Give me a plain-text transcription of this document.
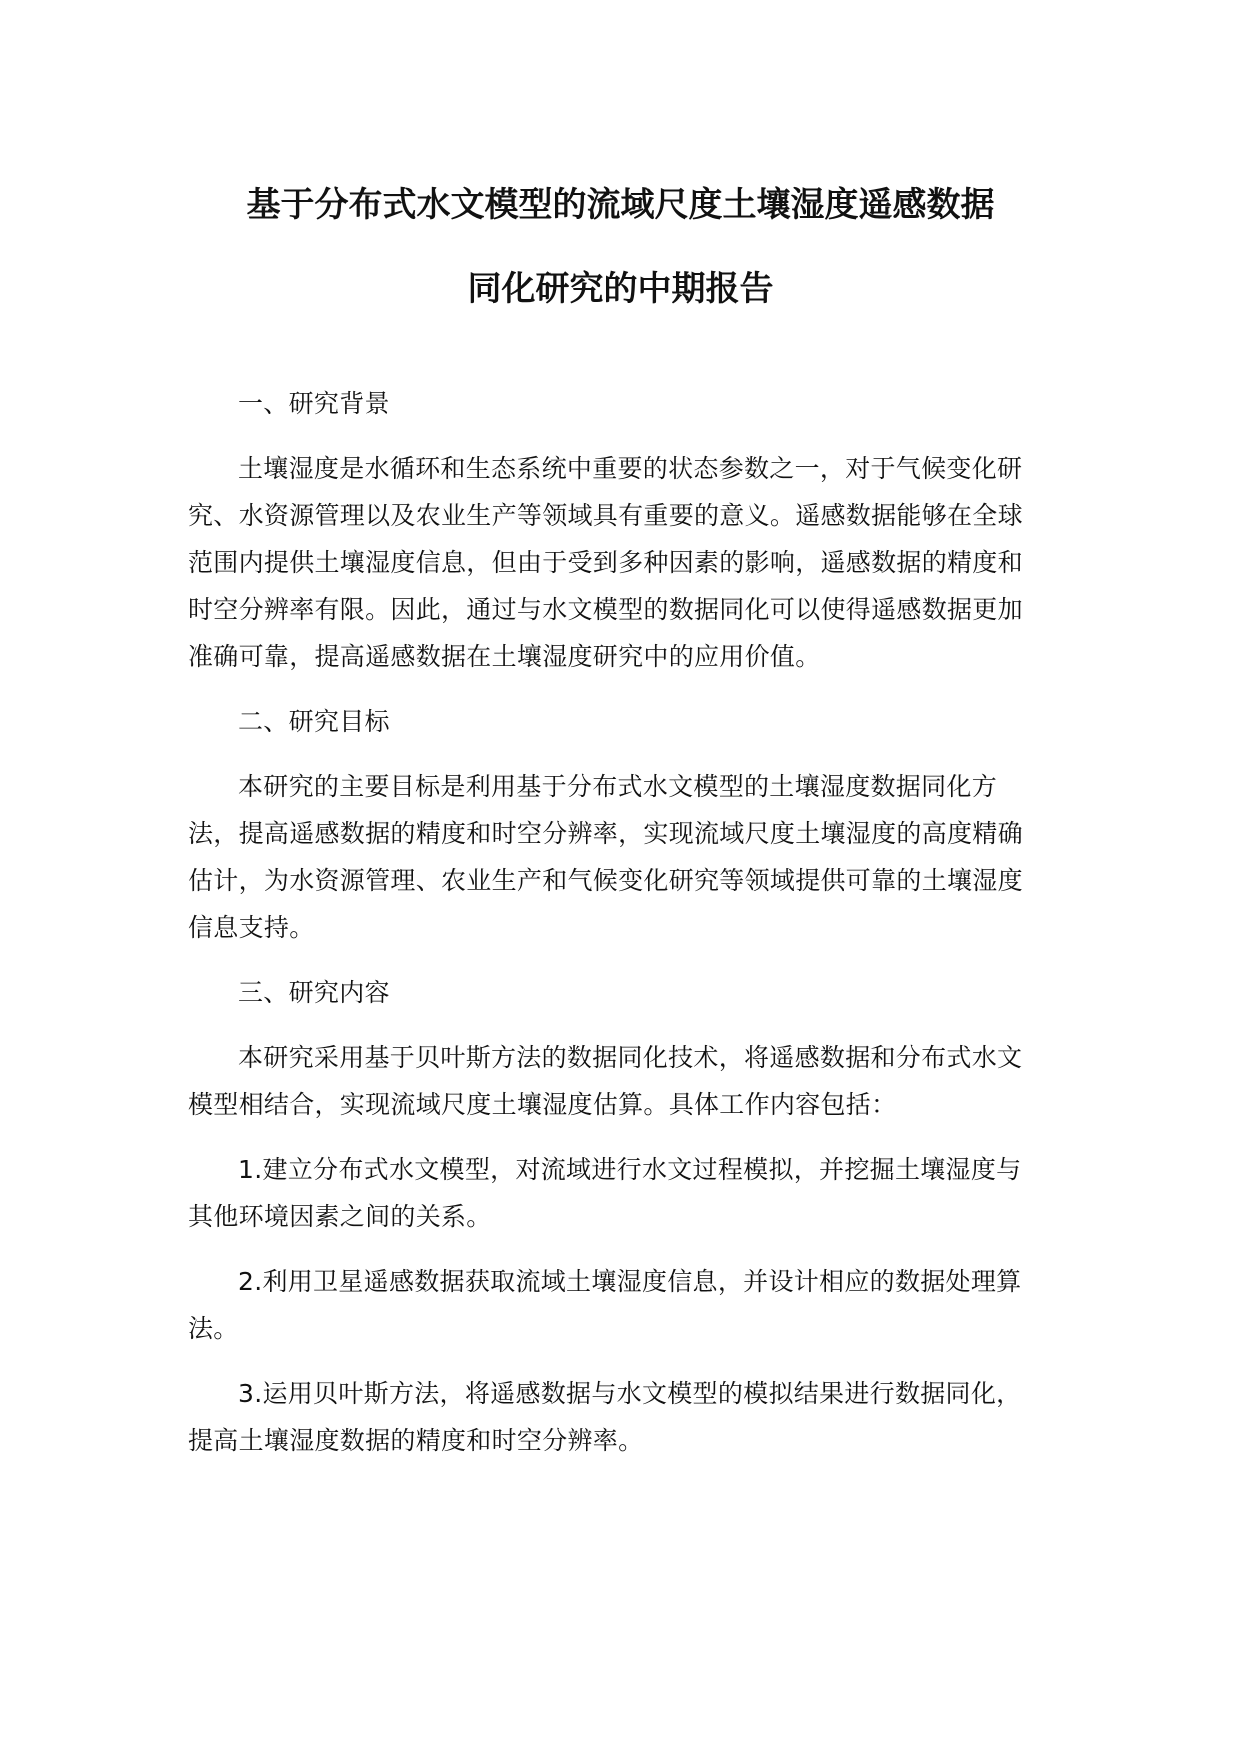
基于分布式水文模型的流域尺度土壤湿度遥感数据
同化研究的中期报告
一、研究背景

土壤湿度是水循环和生态系统中重要的状态参数之一，对于气候变化研究、水资源管理以及农业生产等领域具有重要的意义。遥感数据能够在全球范围内提供土壤湿度信息，但由于受到多种因素的影响，遥感数据的精度和时空分辨率有限。因此，通过与水文模型的数据同化可以使得遥感数据更加准确可靠，提高遥感数据在土壤湿度研究中的应用价值。

二、研究目标

本研究的主要目标是利用基于分布式水文模型的土壤湿度数据同化方法，提高遥感数据的精度和时空分辨率，实现流域尺度土壤湿度的高度精确估计，为水资源管理、农业生产和气候变化研究等领域提供可靠的土壤湿度信息支持。

三、研究内容

本研究采用基于贝叶斯方法的数据同化技术，将遥感数据和分布式水文模型相结合，实现流域尺度土壤湿度估算。具体工作内容包括：

1.建立分布式水文模型，对流域进行水文过程模拟，并挖掘土壤湿度与其他环境因素之间的关系。

2.利用卫星遥感数据获取流域土壤湿度信息，并设计相应的数据处理算法。

3.运用贝叶斯方法，将遥感数据与水文模型的模拟结果进行数据同化，提高土壤湿度数据的精度和时空分辨率。
